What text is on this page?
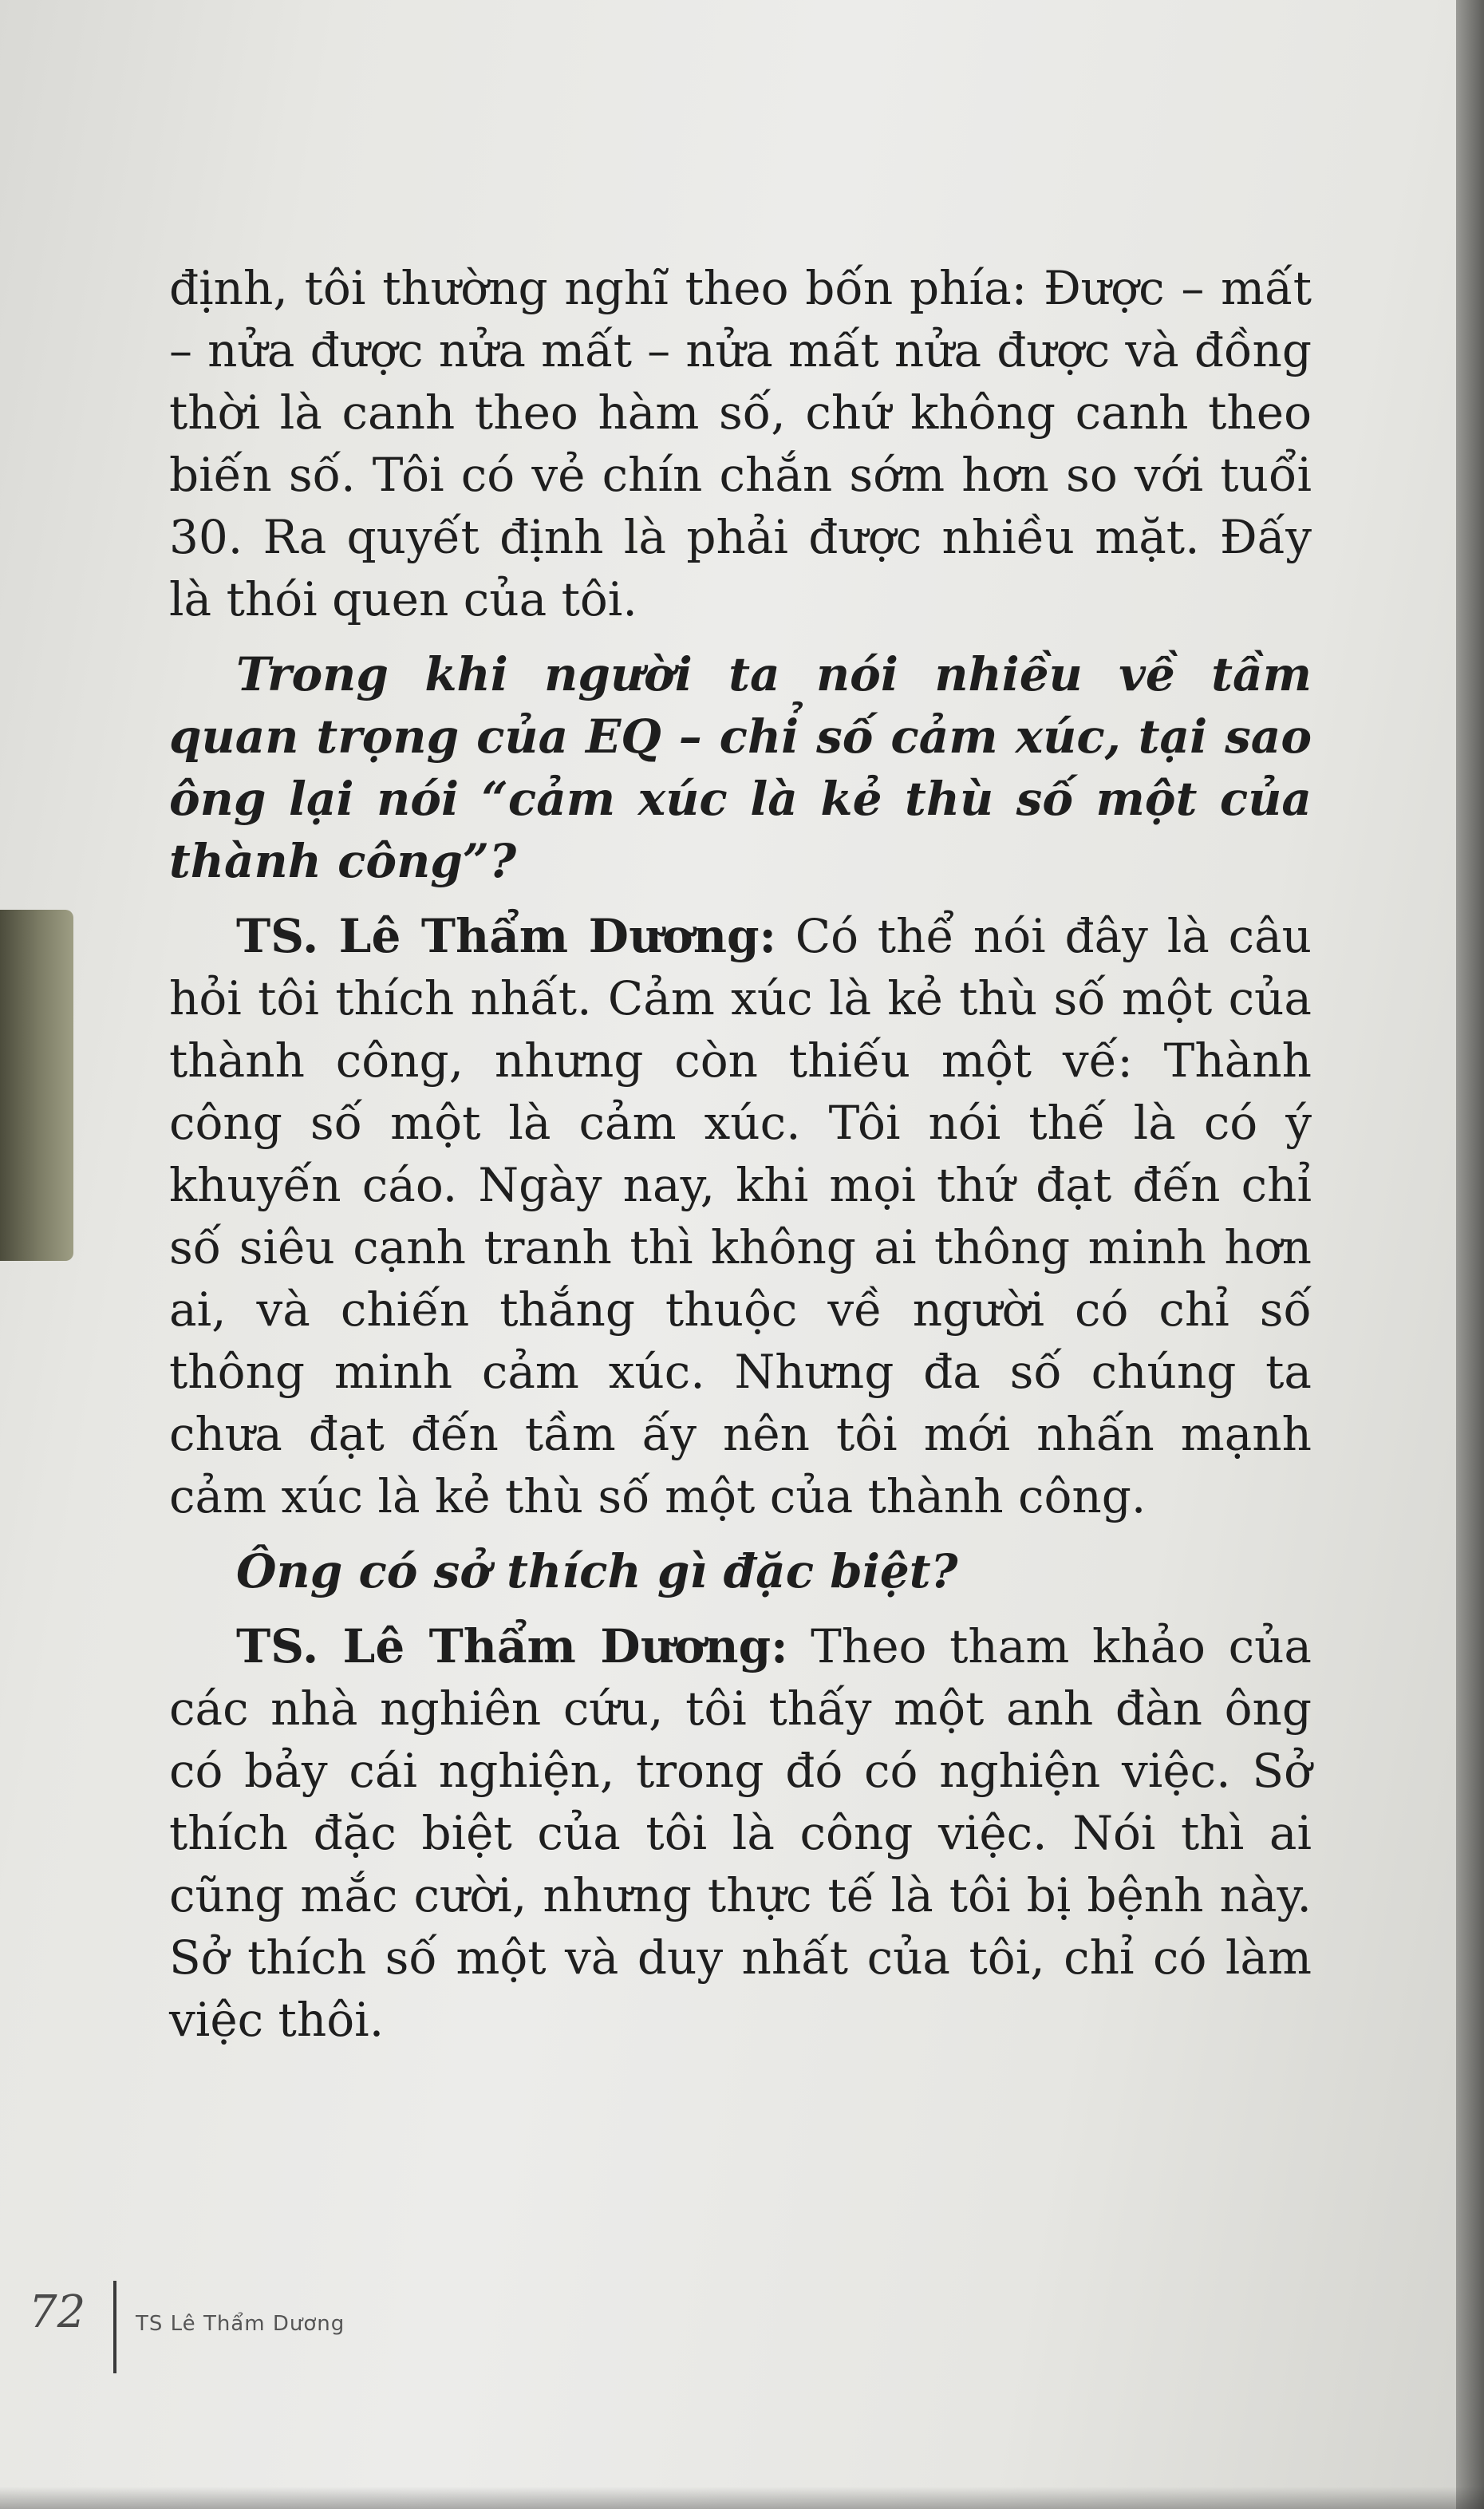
định, tôi thường nghĩ theo bốn phía: Được – mất – nửa được nửa mất – nửa mất nửa được và đồng thời là canh theo hàm số, chứ không canh theo biến số. Tôi có vẻ chín chắn sớm hơn so với tuổi 30. Ra quyết định là phải được nhiều mặt. Đấy là thói quen của tôi.

Trong khi người ta nói nhiều về tầm quan trọng của EQ – chỉ số cảm xúc, tại sao ông lại nói “cảm xúc là kẻ thù số một của thành công”?

TS. Lê Thẩm Dương: Có thể nói đây là câu hỏi tôi thích nhất. Cảm xúc là kẻ thù số một của thành công, nhưng còn thiếu một vế: Thành công số một là cảm xúc. Tôi nói thế là có ý khuyến cáo. Ngày nay, khi mọi thứ đạt đến chỉ số siêu cạnh tranh thì không ai thông minh hơn ai, và chiến thắng thuộc về người có chỉ số thông minh cảm xúc. Nhưng đa số chúng ta chưa đạt đến tầm ấy nên tôi mới nhấn mạnh cảm xúc là kẻ thù số một của thành công.

Ông có sở thích gì đặc biệt?

TS. Lê Thẩm Dương: Theo tham khảo của các nhà nghiên cứu, tôi thấy một anh đàn ông có bảy cái nghiện, trong đó có nghiện việc. Sở thích đặc biệt của tôi là công việc. Nói thì ai cũng mắc cười, nhưng thực tế là tôi bị bệnh này. Sở thích số một và duy nhất của tôi, chỉ có làm việc thôi.

72	TS Lê Thẩm Dương
